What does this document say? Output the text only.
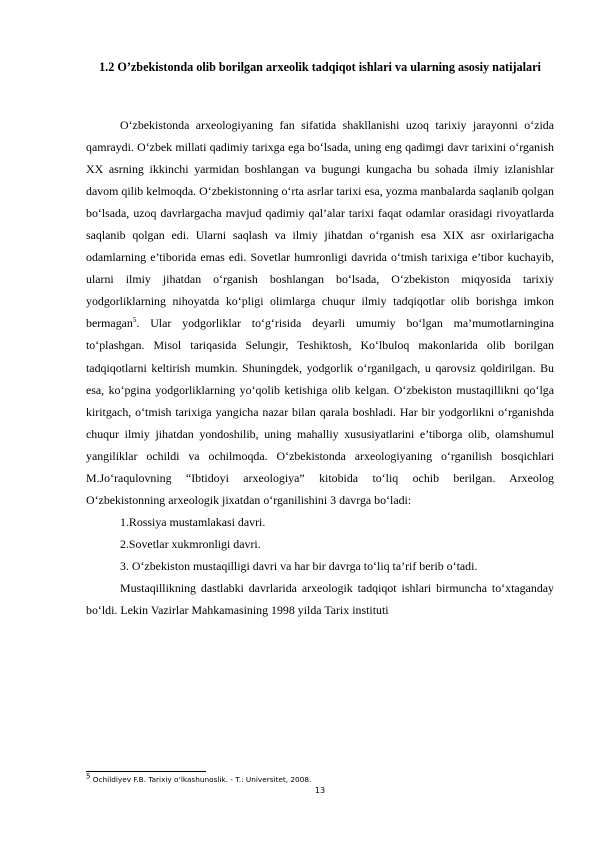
1.2 O’zbekistonda olib borilgan arxeolik tadqiqot ishlari va ularning asosiy natijalari

O‘zbekistonda arxeologiyaning fan sifatida shakllanishi uzoq tarixiy jarayonni o‘zida qamraydi. O‘zbek millati qadimiy tarixga ega bo‘lsada, uning eng qadimgi davr tarixini o‘rganish XX asrning ikkinchi yarmidan boshlangan va bugungi kungacha bu sohada ilmiy izlanishlar davom qilib kelmoqda. O‘zbekistonning o‘rta asrlar tarixi esa, yozma manbalarda saqlanib qolgan bo‘lsada, uzoq davrlargacha mavjud qadimiy qal’alar tarixi faqat odamlar orasidagi rivoyatlarda saqlanib qolgan edi. Ularni saqlash va ilmiy jihatdan o‘rganish esa XIX asr oxirlarigacha odamlarning e’tiborida emas edi. Sovetlar humronligi davrida o‘tmish tarixiga e’tibor kuchayib, ularni ilmiy jihatdan o‘rganish boshlangan bo‘lsada, O‘zbekiston miqyosida tarixiy yodgorliklarning nihoyatda ko‘pligi olimlarga chuqur ilmiy tadqiqotlar olib borishga imkon bermagan$^5$. Ular yodgorliklar to‘g‘risida deyarli umumiy bo‘lgan ma’mumotlarningina to‘plashgan. Misol tariqasida Selungir, Teshiktosh, Ko‘lbuloq makonlarida olib borilgan tadqiqotlarni keltirish mumkin. Shuningdek, yodgorlik o‘rganilgach, u qarovsiz qoldirilgan. Bu esa, ko‘pgina yodgorliklarning yo‘qolib ketishiga olib kelgan. O‘zbekiston mustaqillikni qo‘lga kiritgach, o‘tmish tarixiga yangicha nazar bilan qarala boshladi. Har bir yodgorlikni o‘rganishda chuqur ilmiy jihatdan yondoshilib, uning mahalliy xususiyatlarini e’tiborga olib, olamshumul yangiliklar ochildi va ochilmoqda. O‘zbekistonda arxeologiyaning o‘rganilish bosqichlari M.Jo‘raqulovning “Ibtidoyi arxeologiya” kitobida to‘liq ochib berilgan. Arxeolog O‘zbekistonning arxeologik jixatdan o‘rganilishini 3 davrga bo‘ladi:

1.Rossiya mustamlakasi davri.

2.Sovetlar xukmronligi davri.

3. O‘zbekiston mustaqilligi davri va har bir davrga to‘liq ta’rif berib o‘tadi.

Mustaqillikning dastlabki davrlarida arxeologik tadqiqot ishlari birmuncha to‘xtaganday bo‘ldi. Lekin Vazirlar Mahkamasining 1998 yilda Tarix instituti

$^5$ Ochildiyev F.B. Tarixiy o‘lkashunoslik. - T.: Universitet, 2008.
13
